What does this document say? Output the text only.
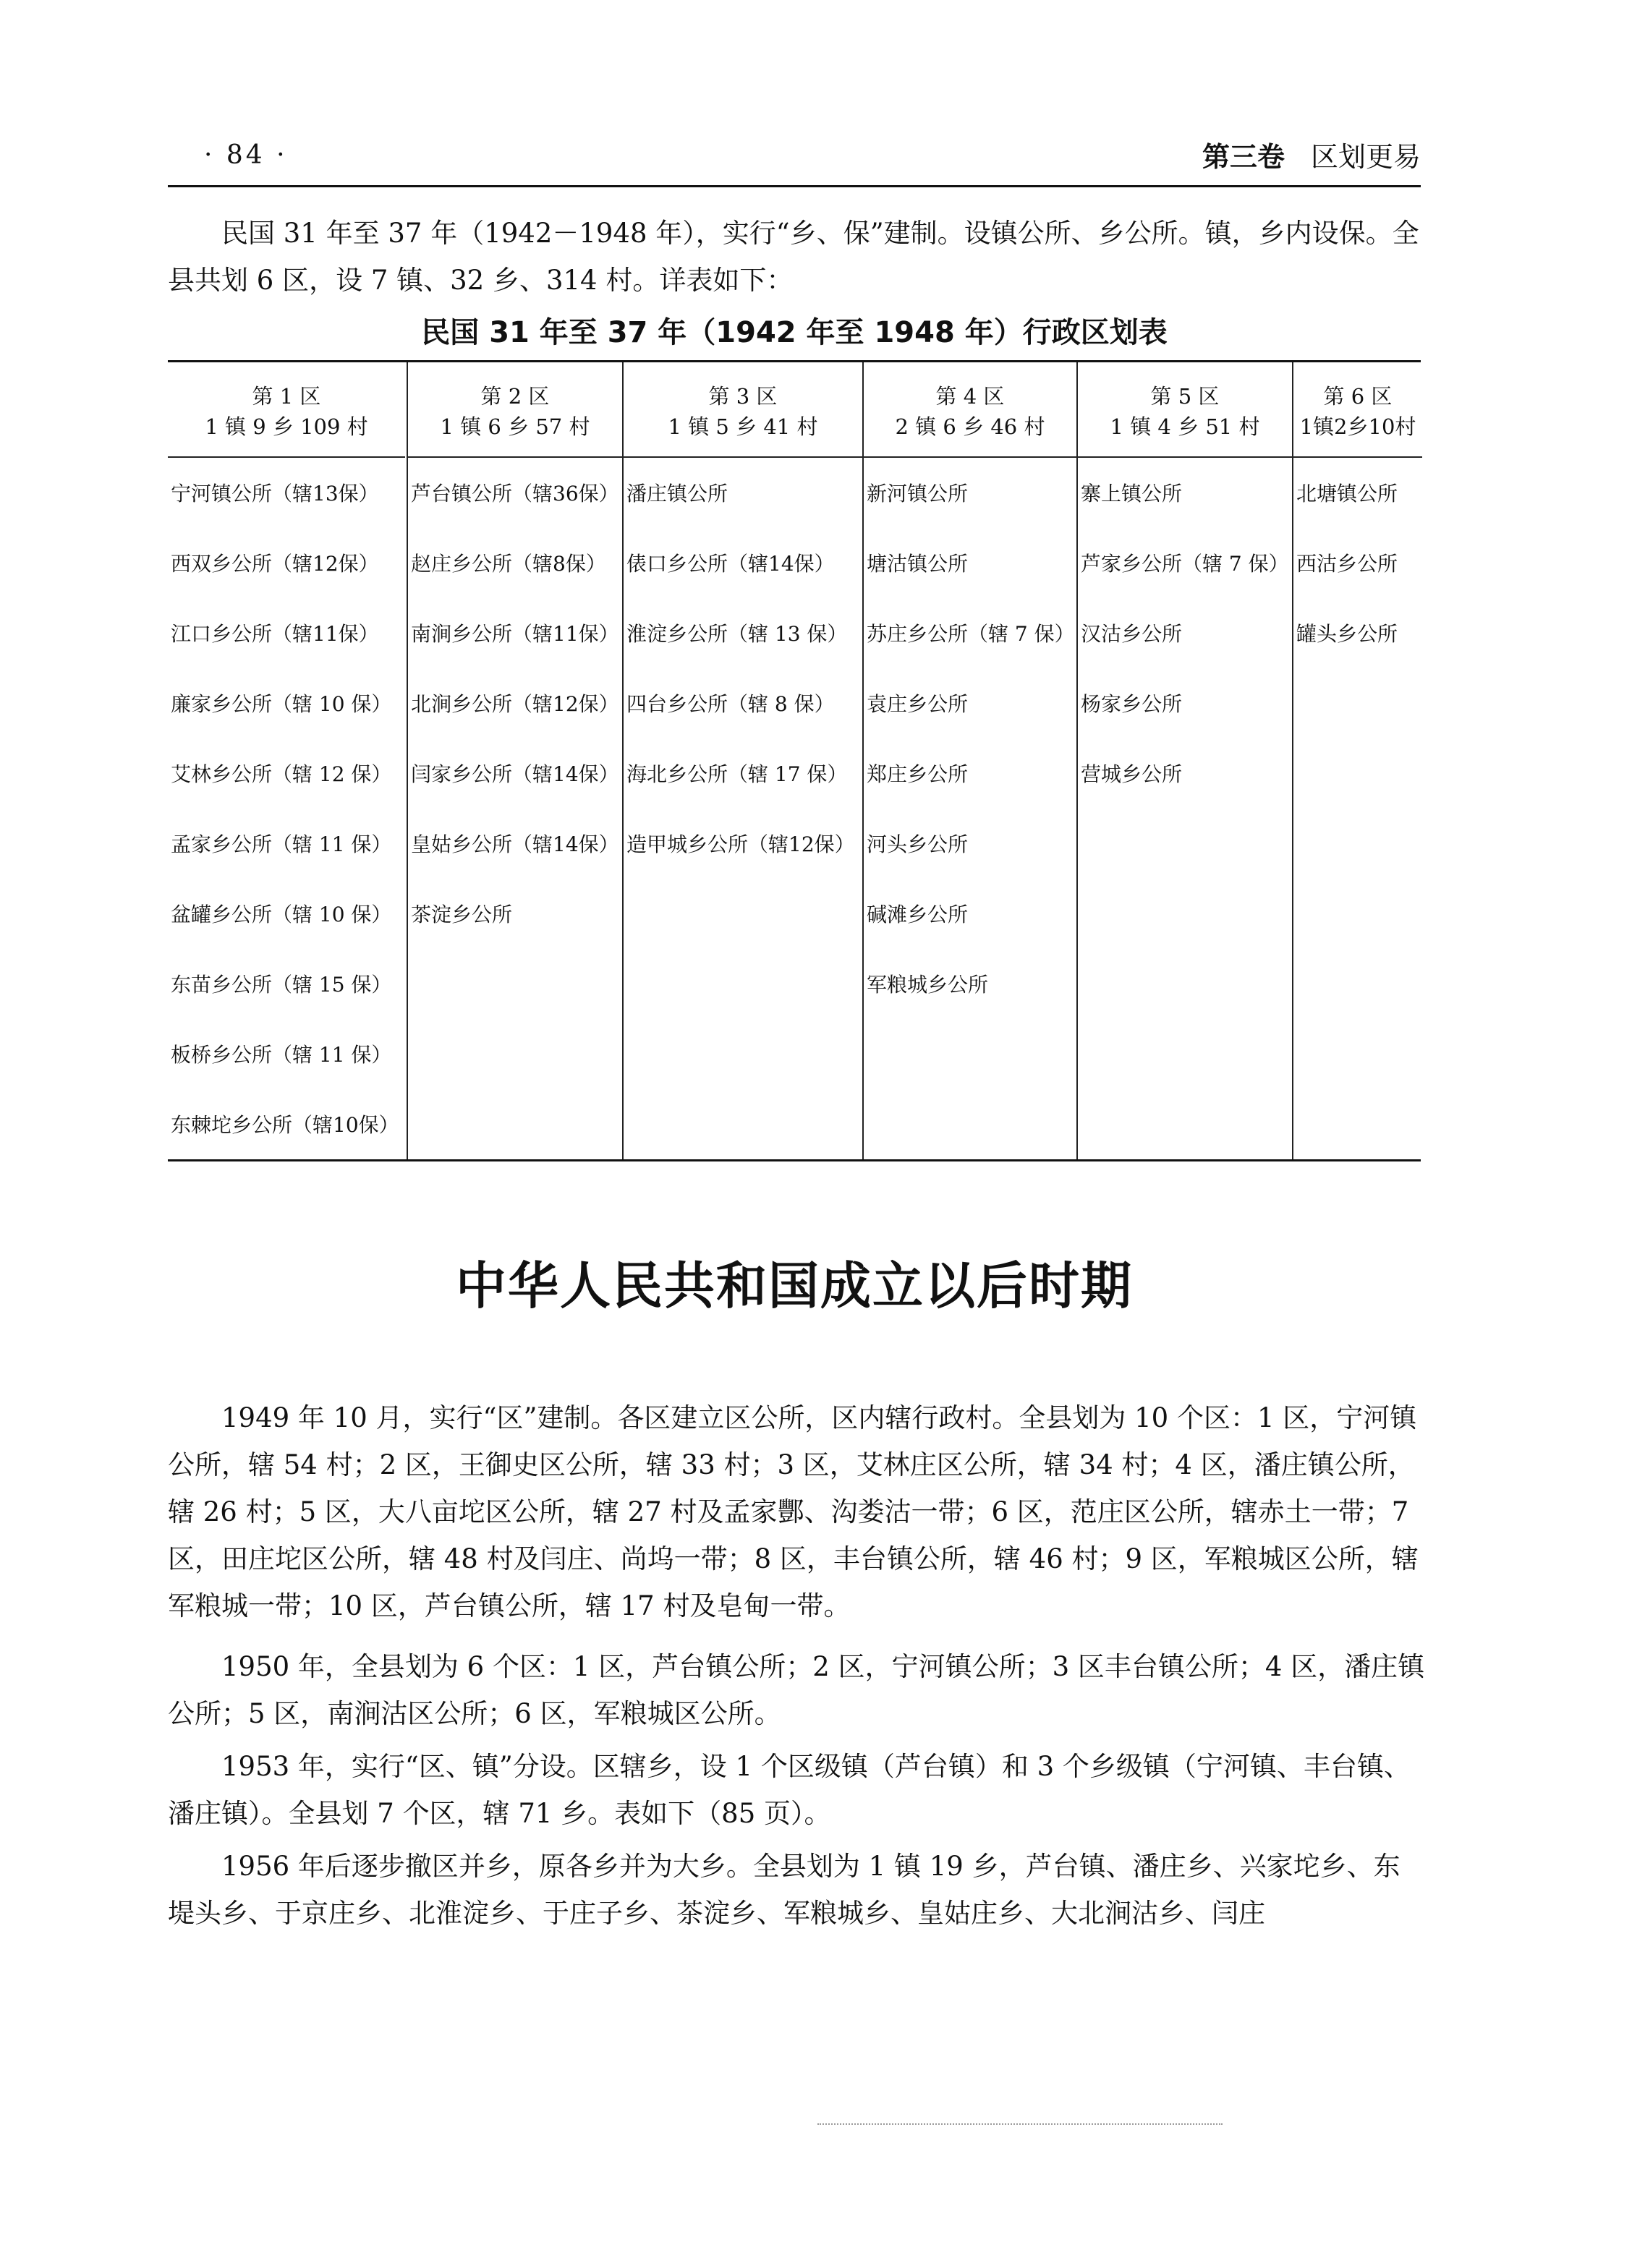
· 84 ·	第三卷 区划更易

民国 31 年至 37 年（1942－1948 年），实行“乡、保”建制。设镇公所、乡公所。镇，乡内设保。全县共划 6 区，设 7 镇、32 乡、314 村。详表如下：

民国 31 年至 37 年（1942 年至 1948 年）行政区划表
第 1 区
1 镇 9 乡 109 村
宁河镇公所（辖13保）
西双乡公所（辖12保）
江口乡公所（辖11保）
廉家乡公所（辖 10 保）
艾林乡公所（辖 12 保）
孟家乡公所（辖 11 保）
盆罐乡公所（辖 10 保）
东苗乡公所（辖 15 保）
板桥乡公所（辖 11 保）
东棘坨乡公所（辖10保）
第 2 区
1 镇 6 乡 57 村
芦台镇公所（辖36保）
赵庄乡公所（辖8保）
南涧乡公所（辖11保）
北涧乡公所（辖12保）
闫家乡公所（辖14保）
皇姑乡公所（辖14保）
茶淀乡公所
第 3 区
1 镇 5 乡 41 村
潘庄镇公所
俵口乡公所（辖14保）
淮淀乡公所（辖 13 保）
四台乡公所（辖 8 保）
海北乡公所（辖 17 保）
造甲城乡公所（辖12保）
第 4 区
2 镇 6 乡 46 村
新河镇公所
塘沽镇公所
苏庄乡公所（辖 7 保）
袁庄乡公所
郑庄乡公所
河头乡公所
碱滩乡公所
军粮城乡公所
第 5 区
1 镇 4 乡 51 村
寨上镇公所
芦家乡公所（辖 7 保）
汉沽乡公所
杨家乡公所
营城乡公所
第 6 区
1镇2乡10村
北塘镇公所
西沽乡公所
罐头乡公所
中华人民共和国成立以后时期

1949 年 10 月，实行“区”建制。各区建立区公所，区内辖行政村。全县划为 10 个区：1 区，宁河镇公所，辖 54 村；2 区，王御史区公所，辖 33 村；3 区，艾林庄区公所，辖 34 村；4 区，潘庄镇公所，辖 26 村；5 区，大八亩坨区公所，辖 27 村及孟家酆、沟娄沽一带；6 区，范庄区公所，辖赤土一带；7 区，田庄坨区公所，辖 48 村及闫庄、尚坞一带；8 区，丰台镇公所，辖 46 村；9 区，军粮城区公所，辖军粮城一带；10 区，芦台镇公所，辖 17 村及皂甸一带。

1950 年，全县划为 6 个区：1 区，芦台镇公所；2 区，宁河镇公所；3 区丰台镇公所；4 区，潘庄镇公所；5 区，南涧沽区公所；6 区，军粮城区公所。

1953 年，实行“区、镇”分设。区辖乡，设 1 个区级镇（芦台镇）和 3 个乡级镇（宁河镇、丰台镇、潘庄镇）。全县划 7 个区，辖 71 乡。表如下（85 页）。

1956 年后逐步撤区并乡，原各乡并为大乡。全县划为 1 镇 19 乡，芦台镇、潘庄乡、兴家坨乡、东堤头乡、于京庄乡、北淮淀乡、于庄子乡、茶淀乡、军粮城乡、皇姑庄乡、大北涧沽乡、闫庄
